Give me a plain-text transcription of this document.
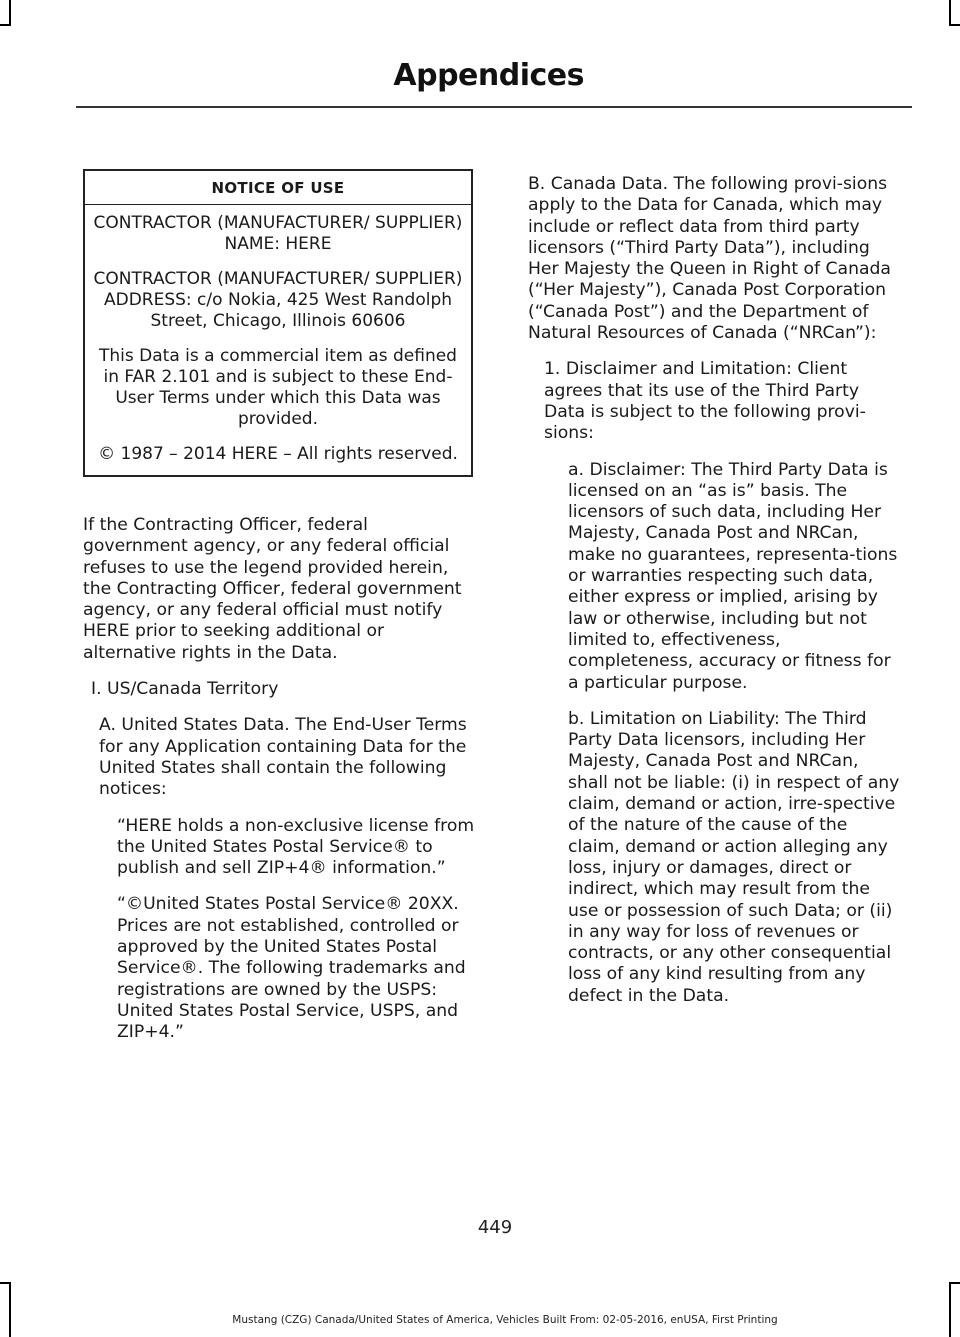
Appendices
NOTICE OF USE

CONTRACTOR (MANUFACTURER/ SUPPLIER) NAME: HERE

CONTRACTOR (MANUFACTURER/ SUPPLIER) ADDRESS: c/o Nokia, 425 West Randolph Street, Chicago, Illinois 60606

This Data is a commercial item as defined in FAR 2.101 and is subject to these End-User Terms under which this Data was provided.

© 1987 – 2014 HERE – All rights reserved.

If the Contracting Officer, federal government agency, or any federal official refuses to use the legend provided herein, the Contracting Officer, federal government agency, or any federal official must notify HERE prior to seeking additional or alternative rights in the Data.

I. US/Canada Territory

A. United States Data. The End-User Terms for any Application containing Data for the United States shall contain the following notices:

“HERE holds a non-exclusive license from the United States Postal Service® to publish and sell ZIP+4® information.”

“©United States Postal Service® 20XX. Prices are not established, controlled or approved by the United States Postal Service®. The following trademarks and registrations are owned by the USPS: United States Postal Service, USPS, and ZIP+4.”

B. Canada Data. The following provi-sions apply to the Data for Canada, which may include or reflect data from third party licensors (“Third Party Data”), including Her Majesty the Queen in Right of Canada (“Her Majesty”), Canada Post Corporation (“Canada Post”) and the Department of Natural Resources of Canada (“NRCan”):

1. Disclaimer and Limitation: Client agrees that its use of the Third Party Data is subject to the following provi-sions:

a. Disclaimer: The Third Party Data is licensed on an “as is” basis. The licensors of such data, including Her Majesty, Canada Post and NRCan, make no guarantees, representa-tions or warranties respecting such data, either express or implied, arising by law or otherwise, including but not limited to, effectiveness, completeness, accuracy or fitness for a particular purpose.

b. Limitation on Liability: The Third Party Data licensors, including Her Majesty, Canada Post and NRCan, shall not be liable: (i) in respect of any claim, demand or action, irre-spective of the nature of the cause of the claim, demand or action alleging any loss, injury or damages, direct or indirect, which may result from the use or possession of such Data; or (ii) in any way for loss of revenues or contracts, or any other consequential loss of any kind resulting from any defect in the Data.

449
Mustang (CZG) Canada/United States of America, Vehicles Built From: 02-05-2016, enUSA, First Printing
